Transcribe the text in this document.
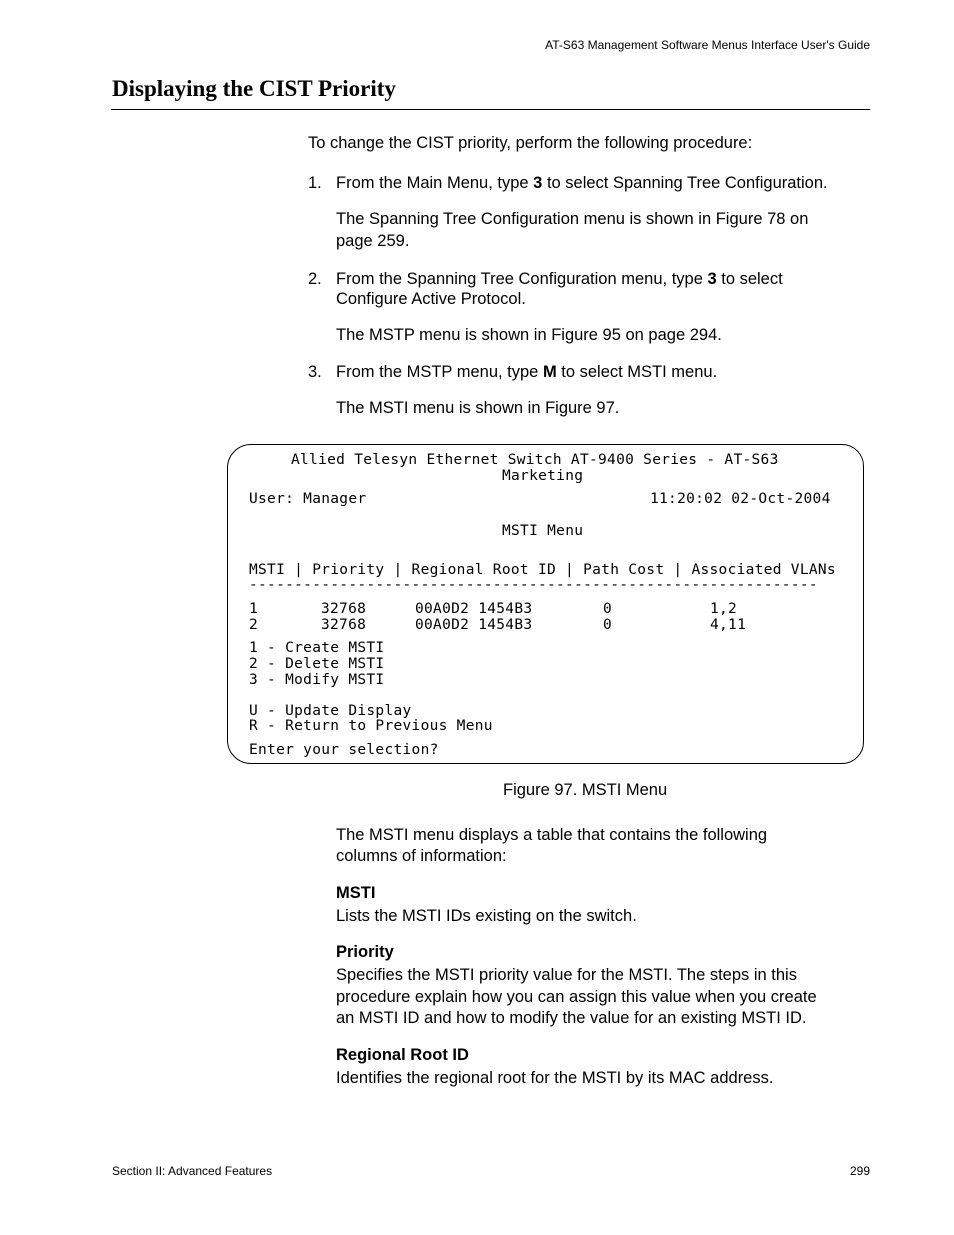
AT-S63 Management Software Menus Interface User's Guide
Displaying the CIST Priority

To change the CIST priority, perform the following procedure:

1. From the Main Menu, type 3 to select Spanning Tree Configuration.

The Spanning Tree Configuration menu is shown in Figure 78 on

page 259.

2. From the Spanning Tree Configuration menu, type 3 to select

Configure Active Protocol.

The MSTP menu is shown in Figure 95 on page 294.

3. From the MSTP menu, type M to select MSTI menu.

The MSTI menu is shown in Figure 97.

Allied Telesyn Ethernet Switch AT-9400 Series - AT-S63
Marketing
User: Manager	11:20:02 02-Oct-2004
MSTI Menu
MSTI | Priority | Regional Root ID | Path Cost | Associated VLANs
---------------------------------------------------------------
1	32768	00A0D2 1454B3	0	1,2
2	32768	00A0D2 1454B3	0	4,11
1 - Create MSTI
2 - Delete MSTI
3 - Modify MSTI
U - Update Display
R - Return to Previous Menu
Enter your selection?
Figure 97. MSTI Menu

The MSTI menu displays a table that contains the following

columns of information:

MSTI

Lists the MSTI IDs existing on the switch.

Priority

Specifies the MSTI priority value for the MSTI. The steps in this

procedure explain how you can assign this value when you create

an MSTI ID and how to modify the value for an existing MSTI ID.

Regional Root ID

Identifies the regional root for the MSTI by its MAC address.

Section II: Advanced Features	299
